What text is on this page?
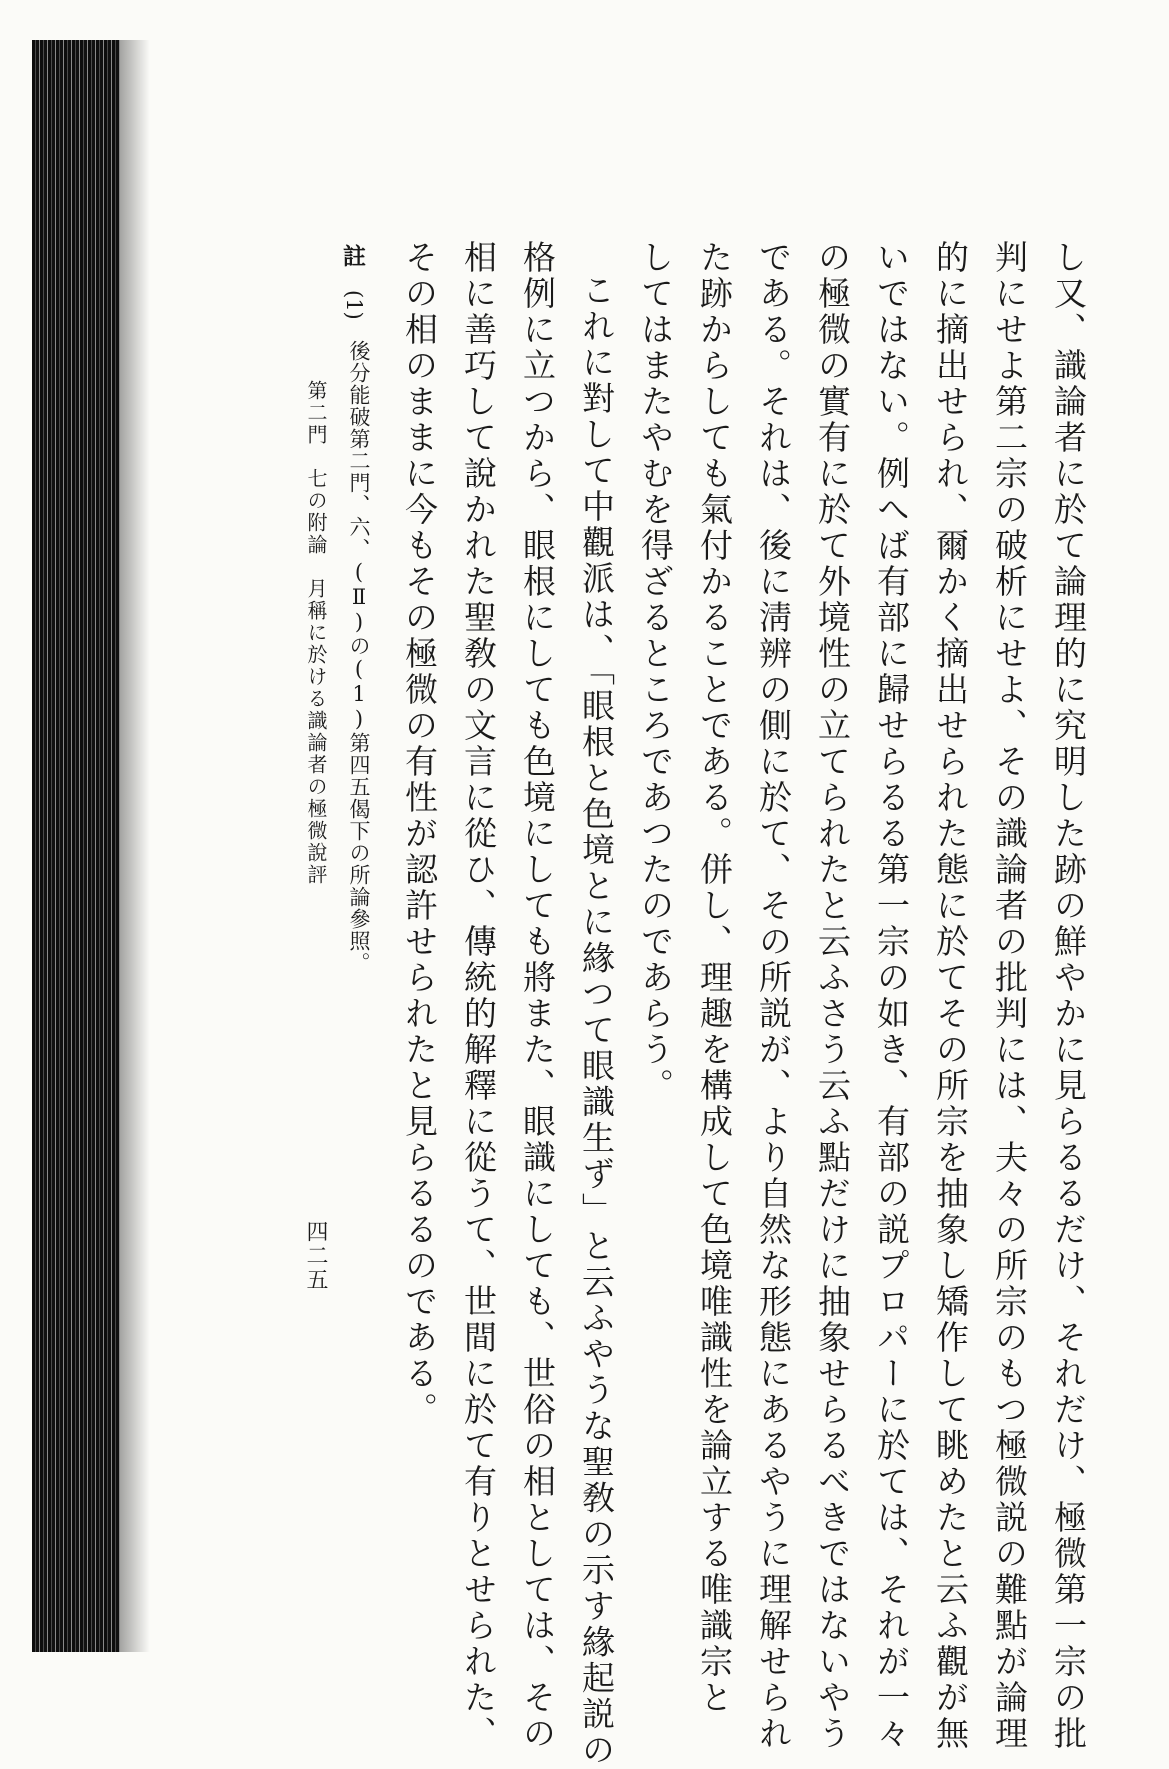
し又、識論者に於て論理的に究明した跡の鮮やかに見らるるだけ、それだけ、極微第一宗の批
判にせよ第二宗の破析にせよ、その識論者の批判には、夫々の所宗のもつ極微説の難點が論理
的に摘出せられ、爾かく摘出せられた態に於てその所宗を抽象し矯作して眺めたと云ふ觀が無
いではない。例へば有部に歸せらるる第一宗の如き、有部の説プロパーに於ては、それが一々
の極微の實有に於て外境性の立てられたと云ふさう云ふ點だけに抽象せらるべきではないやう
である。それは、後に淸辨の側に於て、その所説が、より自然な形態にあるやうに理解せられ
た跡からしても氣付かることである。併し、理趣を構成して色境唯識性を論立する唯識宗と
してはまたやむを得ざるところであつたのであらう。
これに對して中觀派は、「眼根と色境とに緣つて眼識生ず」と云ふやうな聖敎の示す緣起説の
格例に立つから、眼根にしても色境にしても將また、眼識にしても、世俗の相としては、その
相に善巧して說かれた聖敎の文言に從ひ、傳統的解釋に從うて、世間に於て有りとせられた、
その相のままに今もその極微の有性が認許せられたと見らるるのである。
註
(1)
後分能破第二門、六、(Ⅱ)の(1)第四五偈下の所論參照。
第二門　七の附論　月稱に於ける識論者の極微說評
四二五
